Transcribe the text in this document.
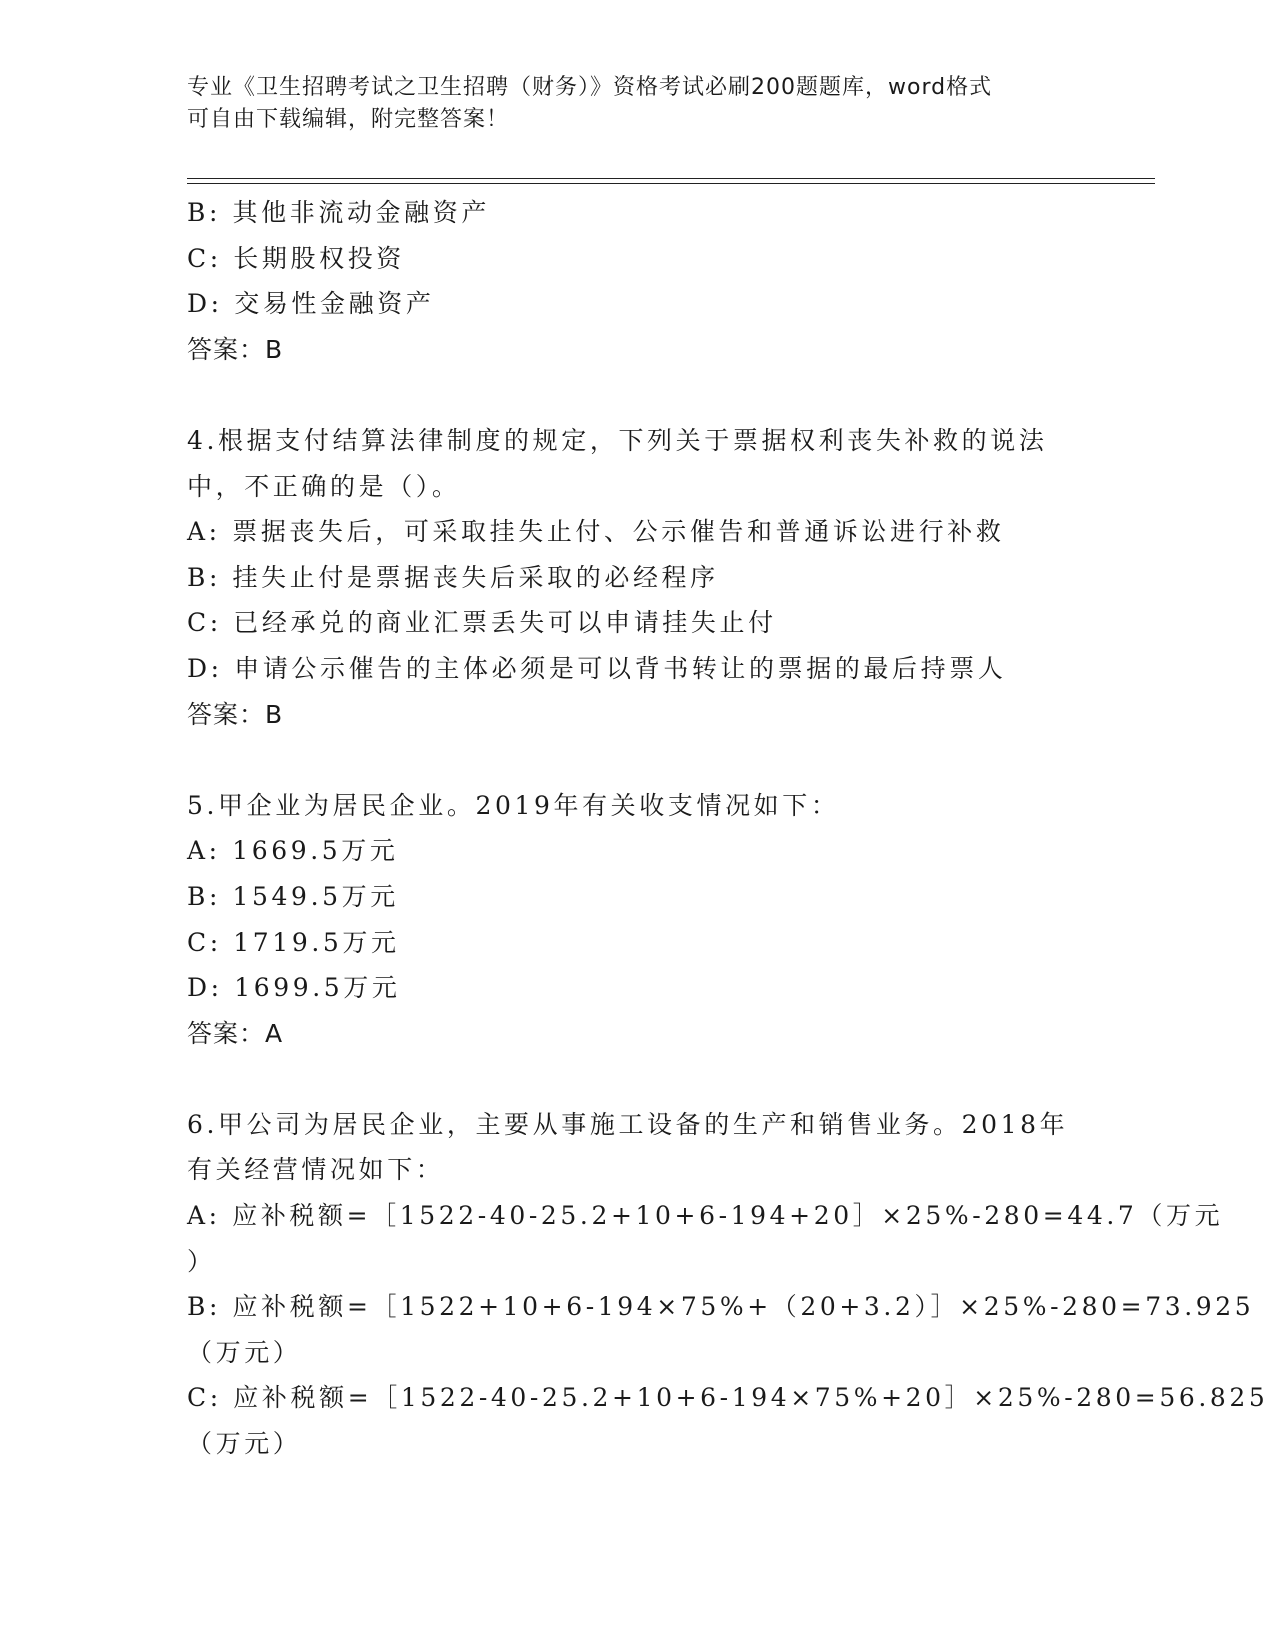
专业《卫生招聘考试之卫生招聘（财务）》资格考试必刷200题题库，word格式
可自由下载编辑，附完整答案！
B: 其他非流动金融资产
C: 长期股权投资
D: 交易性金融资产
答案：B
4.根据支付结算法律制度的规定，下列关于票据权利丧失补救的说法
中，不正确的是（）。
A: 票据丧失后，可采取挂失止付、公示催告和普通诉讼进行补救
B: 挂失止付是票据丧失后采取的必经程序
C: 已经承兑的商业汇票丢失可以申请挂失止付
D: 申请公示催告的主体必须是可以背书转让的票据的最后持票人
答案：B
5.甲企业为居民企业。2019年有关收支情况如下：
A: 1669.5万元
B: 1549.5万元
C: 1719.5万元
D: 1699.5万元
答案：A
6.甲公司为居民企业，主要从事施工设备的生产和销售业务。2018年
有关经营情况如下：
A: 应补税额=［1522-40-25.2+10+6-194+20］×25%-280=44.7（万元
）
B: 应补税额=［1522+10+6-194×75%+（20+3.2）］×25%-280=73.925
（万元）
C: 应补税额=［1522-40-25.2+10+6-194×75%+20］×25%-280=56.825
（万元）
